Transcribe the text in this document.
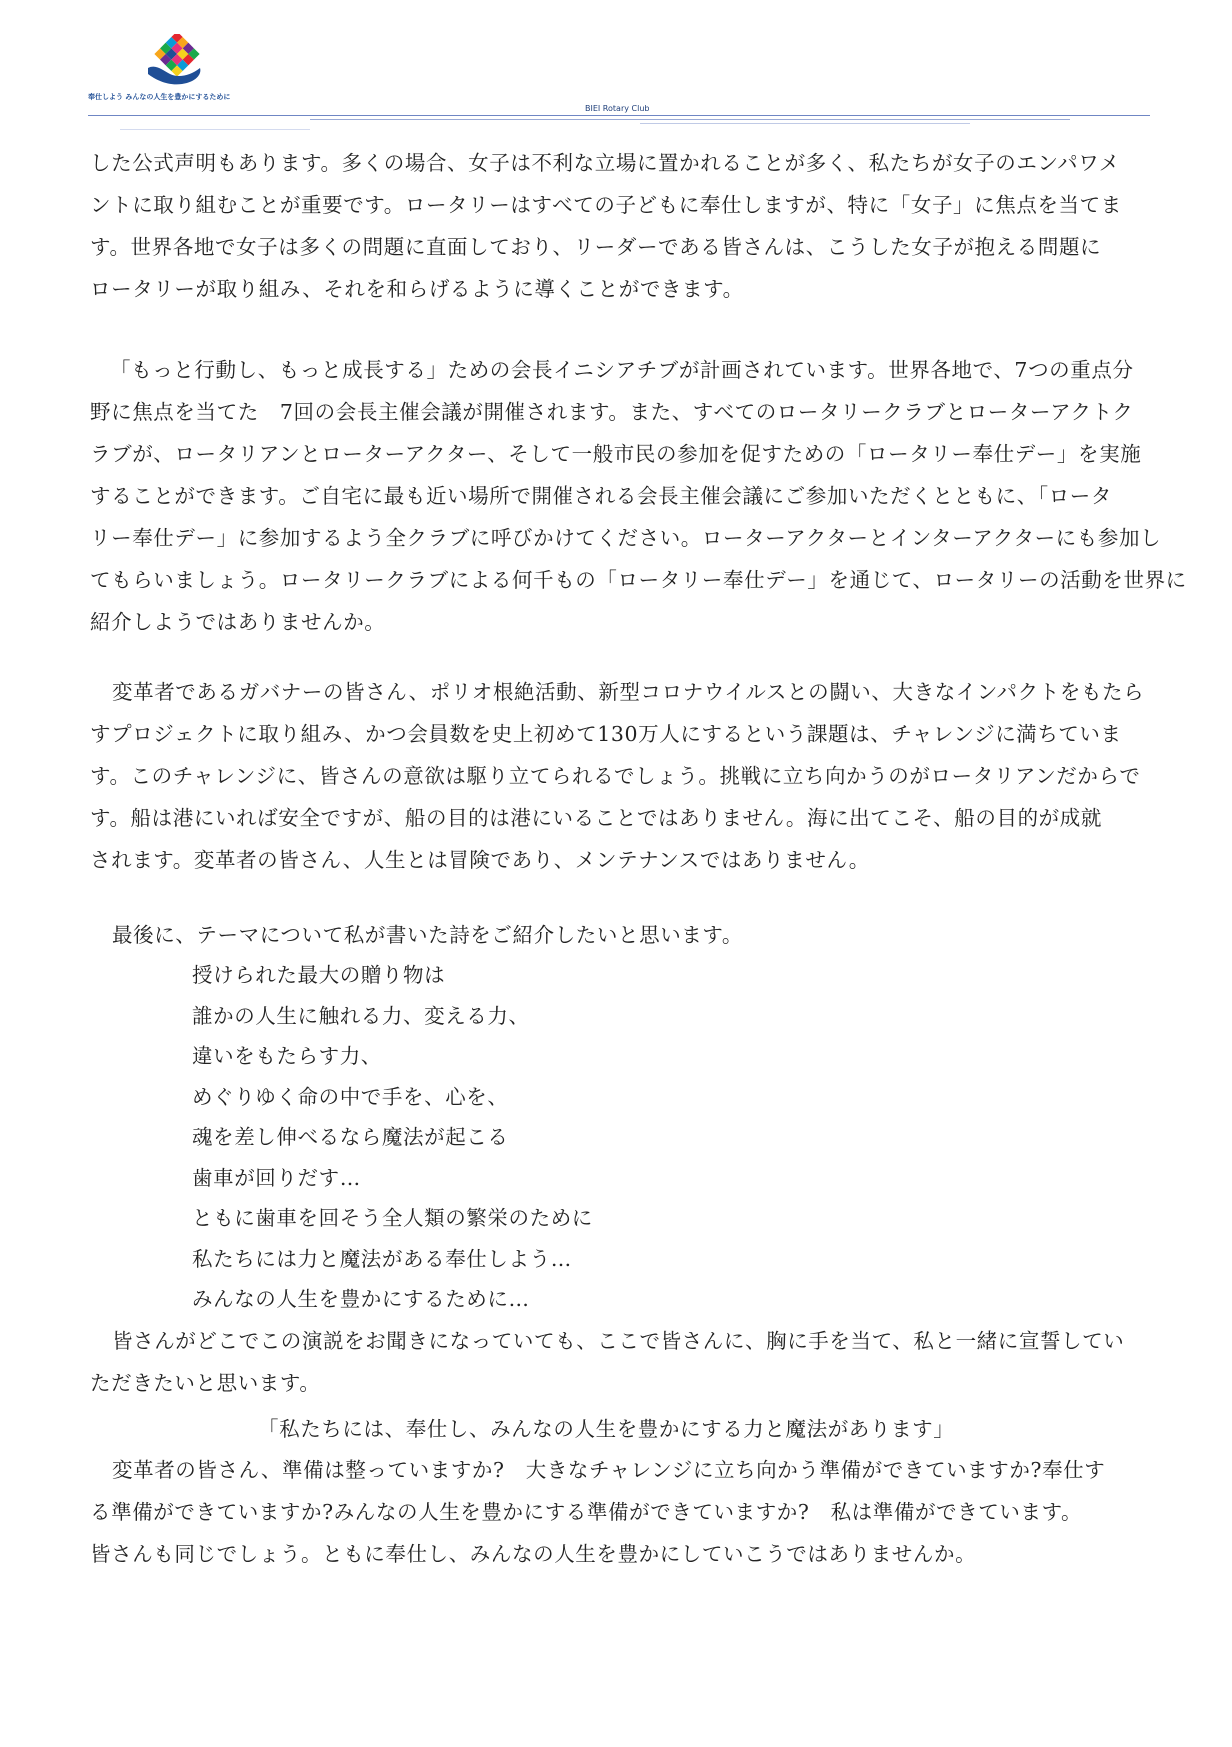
奉仕しよう みんなの人生を豊かにするために
BIEI Rotary Club

した公式声明もあります。多くの場合、女子は不利な立場に置かれることが多く、私たちが女子のエンパワメ
ントに取り組むことが重要です。ロータリーはすべての子どもに奉仕しますが、特に「女子」に焦点を当てま
す。世界各地で女子は多くの問題に直面しており、リーダーである皆さんは、こうした女子が抱える問題に
ロータリーが取り組み、それを和らげるように導くことができます。

「もっと行動し、もっと成長する」ための会長イニシアチブが計画されています。世界各地で、7つの重点分
野に焦点を当てた　7回の会長主催会議が開催されます。また、すべてのロータリークラブとローターアクトク
ラブが、ロータリアンとローターアクター、そして一般市民の参加を促すための「ロータリー奉仕デー」を実施
することができます。ご自宅に最も近い場所で開催される会長主催会議にご参加いただくとともに、「ロータ
リー奉仕デー」に参加するよう全クラブに呼びかけてください。ローターアクターとインターアクターにも参加し
てもらいましょう。ロータリークラブによる何千もの「ロータリー奉仕デー」を通じて、ロータリーの活動を世界に
紹介しようではありませんか。

変革者であるガバナーの皆さん、ポリオ根絶活動、新型コロナウイルスとの闘い、大きなインパクトをもたら
すプロジェクトに取り組み、かつ会員数を史上初めて130万人にするという課題は、チャレンジに満ちていま
す。このチャレンジに、皆さんの意欲は駆り立てられるでしょう。挑戦に立ち向かうのがロータリアンだからで
す。船は港にいれば安全ですが、船の目的は港にいることではありません。海に出てこそ、船の目的が成就
されます。変革者の皆さん、人生とは冒険であり、メンテナンスではありません。

最後に、テーマについて私が書いた詩をご紹介したいと思います。

授けられた最大の贈り物は
誰かの人生に触れる力、変える力、
違いをもたらす力、
めぐりゆく命の中で手を、心を、
魂を差し伸べるなら魔法が起こる
歯車が回りだす…
ともに歯車を回そう全人類の繁栄のために
私たちには力と魔法がある奉仕しよう…
みんなの人生を豊かにするために…

皆さんがどこでこの演説をお聞きになっていても、ここで皆さんに、胸に手を当て、私と一緒に宣誓してい
ただきたいと思います。

「私たちには、奉仕し、みんなの人生を豊かにする力と魔法があります」

変革者の皆さん、準備は整っていますか?　大きなチャレンジに立ち向かう準備ができていますか?奉仕す
る準備ができていますか?みんなの人生を豊かにする準備ができていますか?　私は準備ができています。
皆さんも同じでしょう。ともに奉仕し、みんなの人生を豊かにしていこうではありませんか。
